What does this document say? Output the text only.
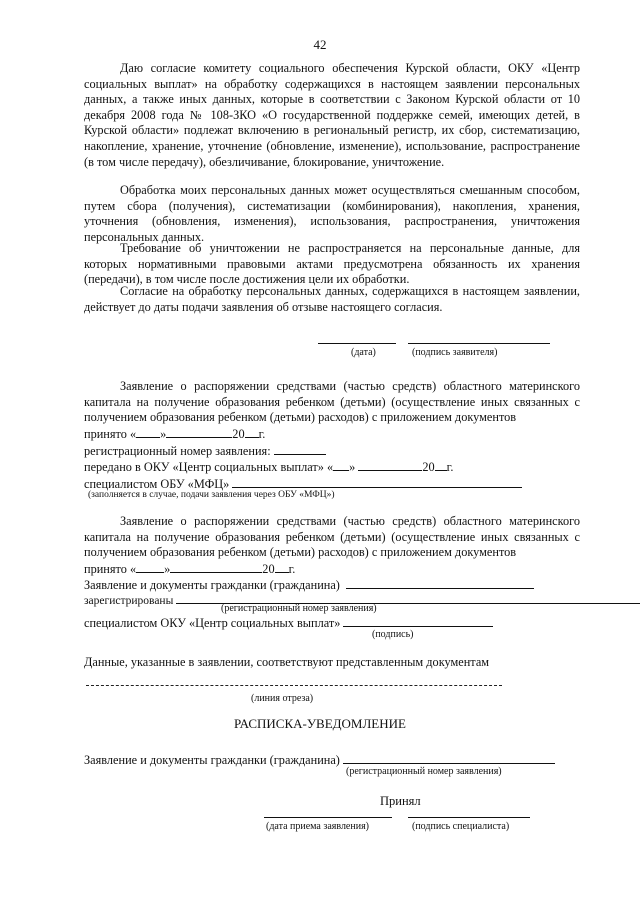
42

Даю согласие комитету социального обеспечения Курской области, ОКУ «Центр социальных выплат» на обработку содержащихся в настоящем заявлении персональных данных, а также иных данных, которые в соответствии с Законом Курской области от 10 декабря 2008 года № 108-ЗКО «О государственной поддержке семей, имеющих детей, в Курской области» подлежат включению в региональный регистр, их сбор, систематизацию, накопление, хранение, уточнение (обновление, изменение), использование, распространение (в том числе передачу), обезличивание, блокирование, уничтожение.

Обработка моих персональных данных может осуществляться смешанным способом, путем сбора (получения), систематизации (комбинирования), накопления, хранения, уточнения (обновления, изменения), использования, распространения, уничтожения персональных данных.

Требование об уничтожении не распространяется на персональные данные, для которых нормативными правовыми актами предусмотрена обязанность их хранения (передачи), в том числе после достижения цели их обработки.

Согласие на обработку персональных данных, содержащихся в настоящем заявлении, действует до даты подачи заявления об отзыве настоящего согласия.

(дата)	(подпись заявителя)

Заявление о распоряжении средствами (частью средств) областного материнского капитала на получение образования ребенком (детьми) (осуществление иных связанных с получением образования ребенком (детьми) расходов) с приложением документов

принято « »	20 г.
регистрационный номер заявления:
передано в ОКУ «Центр социальных выплат» « »	20 г.
специалистом ОБУ «МФЦ»
(заполняется в случае, подачи заявления через ОБУ «МФЦ»)

Заявление о распоряжении средствами (частью средств) областного материнского капитала на получение образования ребенком (детьми) (осуществление иных связанных с получением образования ребенком (детьми) расходов) с приложением документов

принято « »	20 г.
Заявление и документы гражданки (гражданина)
зарегистрированы
(регистрационный номер заявления)
специалистом ОКУ «Центр социальных выплат»
(подпись)
Данные, указанные в заявлении, соответствуют представленным документам
(линия отреза)
РАСПИСКА-УВЕДОМЛЕНИЕ
Заявление и документы гражданки (гражданина)
(регистрационный номер заявления)
Принял
(дата приема заявления)	(подпись специалиста)
